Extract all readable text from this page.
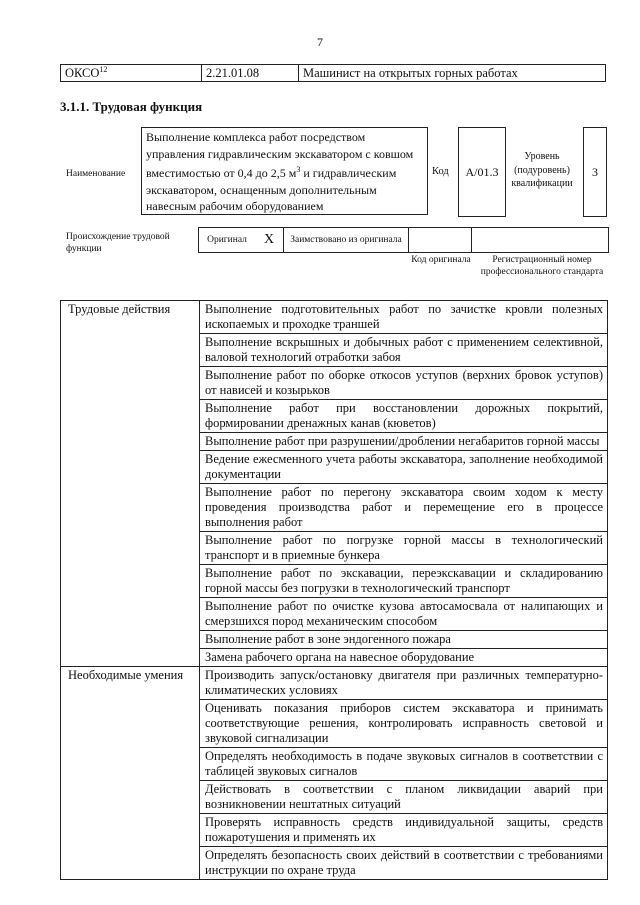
7
ОКСО$^{12}$	2.21.01.08	Машинист на открытых горных работах
3.1.1. Трудовая функция
Наименование
Выполнение комплекса работ посредством управления гидравлическим экскаватором с ковшом вместимостью от 0,4 до 2,5 $м^3$ и гидравлическим экскаватором, оснащенным дополнительным навесным рабочим оборудованием
Код	A/01.3
Уровень (подуровень) квалификации
3
Происхождение трудовой функции
Оригинал	X	Заимствовано из оригинала		
Код оригинала	Регистрационный номер профессионального стандарта
Трудовые действия	Выполнение подготовительных работ по зачистке кровли полезных ископаемых и проходке траншей
	Выполнение вскрышных и добычных работ с применением селективной, валовой технологий отработки забоя
	Выполнение работ по оборке откосов уступов (верхних бровок уступов) от нависей и козырьков
	Выполнение работ при восстановлении дорожных покрытий, формировании дренажных канав (кюветов)
	Выполнение работ при разрушении/дроблении негабаритов горной массы
	Ведение ежесменного учета работы экскаватора, заполнение необходимой документации
	Выполнение работ по перегону экскаватора своим ходом к месту проведения производства работ и перемещение его в процессе выполнения работ
	Выполнение работ по погрузке горной массы в технологический транспорт и в приемные бункера
	Выполнение работ по экскавации, переэкскавации и складированию горной массы без погрузки в технологический транспорт
	Выполнение работ по очистке кузова автосамосвала от налипающих и смерзшихся пород механическим способом
	Выполнение работ в зоне эндогенного пожара
	Замена рабочего органа на навесное оборудование
Необходимые умения	Производить запуск/остановку двигателя при различных температурно-климатических условиях
	Оценивать показания приборов систем экскаватора и принимать соответствующие решения, контролировать исправность световой и звуковой сигнализации
	Определять необходимость в подаче звуковых сигналов в соответствии с таблицей звуковых сигналов
	Действовать в соответствии с планом ликвидации аварий при возникновении нештатных ситуаций
	Проверять исправность средств индивидуальной защиты, средств пожаротушения и применять их
	Определять безопасность своих действий в соответствии с требованиями инструкции по охране труда
